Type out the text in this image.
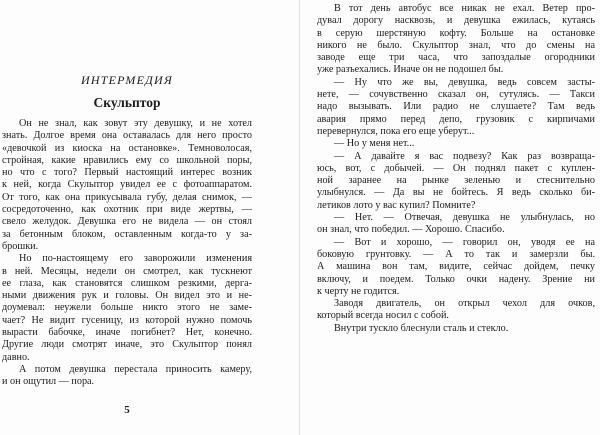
ИНТЕРМЕДИЯ
Скульптор
Он не знал, как зовут эту девушку, и не хотел
знать. Долгое время она оставалась для него просто
«девочкой из киоска на остановке». Темноволосая,
стройная, какие нравились ему со школьной поры,
но что с того? Первый настоящий интерес возник
к ней, когда Скульптор увидел ее с фотоаппаратом.
От того, как она прикусывала губу, делая снимок, —
сосредоточенно, как охотник при виде жертвы, —
свело желудок. Девушка его не видела — он стоял
за бетонным блоком, оставленным когда-то у за-
брошки.
Но по-настоящему его заворожили изменения
в ней. Месяцы, недели он смотрел, как тускнеют
ее глаза, как становятся слишком резкими, дерга-
ными движения рук и головы. Он видел это и не-
доумевал: неужели больше никто этого не заме-
чает? Не видит гусеницу, из которой нужно помочь
вырасти бабочке, иначе погибнет? Нет, конечно.
Другие люди смотрят иначе, это Скульптор понял
давно.
А потом девушка перестала приносить камеру,
и он ощутил — пора.
5
В тот день автобус все никак не ехал. Ветер про-
дувал дорогу насквозь, и девушка ежилась, кутаясь
в серую шерстяную кофту. Больше на остановке
никого не было. Скульптор знал, что до смены на
заводе еще три часа, что запоздалые огородники
уже разъехались. Иначе он не подошел бы.
— Ну что же вы, девушка, ведь совсем засты-
нете, — сочувственно сказал он, сутулясь. — Такси
надо вызывать. Или радио не слушаете? Там ведь
авария прямо перед депо, грузовик с кирпичами
перевернулся, пока его еще уберут...
— Но у меня нет...
— А давайте я вас подвезу? Как раз возвраща-
юсь, вот, с добычей. — Он поднял пакет с куплен-
ной заранее на рынке зеленью и стеснительно
улыбнулся. — Да вы не бойтесь. Я ведь сколько би-
летиков лото у вас купил? Помните?
— Нет. — Отвечая, девушка не улыбнулась, но
он знал, что победил. — Хорошо. Спасибо.
— Вот и хорошо, — говорил он, уводя ее на
боковую грунтовку. — А то так и замерзли бы.
А машина вон там, видите, сейчас дойдем, печку
включу, и поедем. Только очки надену. Зрение ни
к черту не годится.
Заводя двигатель, он открыл чехол для очков,
который всегда носил с собой.
Внутри тускло блеснули сталь и стекло.
